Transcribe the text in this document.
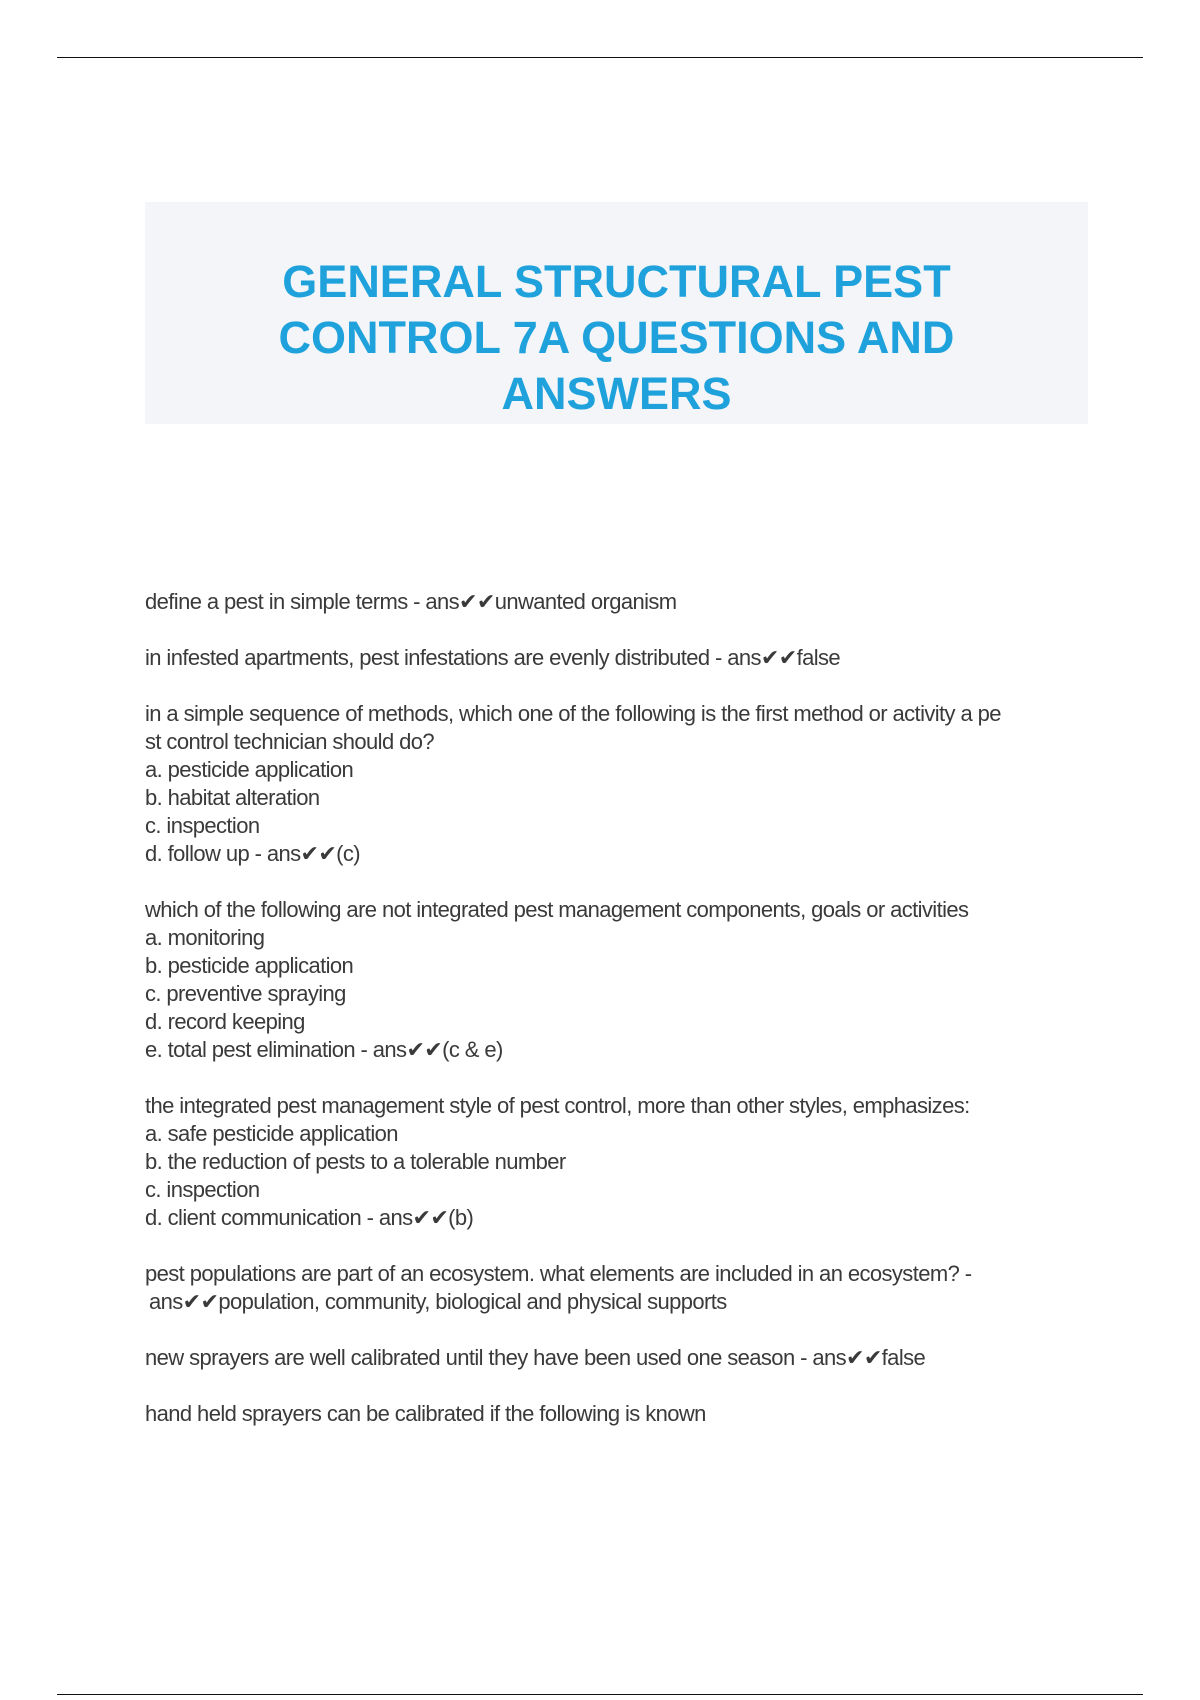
GENERAL STRUCTURAL PEST
CONTROL 7A QUESTIONS AND
ANSWERS
define a pest in simple terms - ans✔✔unwanted organism
in infested apartments, pest infestations are evenly distributed - ans✔✔false
in a simple sequence of methods, which one of the following is the first method or activity a pe
st control technician should do?
a. pesticide application
b. habitat alteration
c. inspection
d. follow up - ans✔✔(c)
which of the following are not integrated pest management components, goals or activities
a. monitoring
b. pesticide application
c. preventive spraying
d. record keeping
e. total pest elimination - ans✔✔(c & e)
the integrated pest management style of pest control, more than other styles, emphasizes:
a. safe pesticide application
b. the reduction of pests to a tolerable number
c. inspection
d. client communication - ans✔✔(b)
pest populations are part of an ecosystem. what elements are included in an ecosystem? -
ans✔✔population, community, biological and physical supports
new sprayers are well calibrated until they have been used one season - ans✔✔false
hand held sprayers can be calibrated if the following is known
